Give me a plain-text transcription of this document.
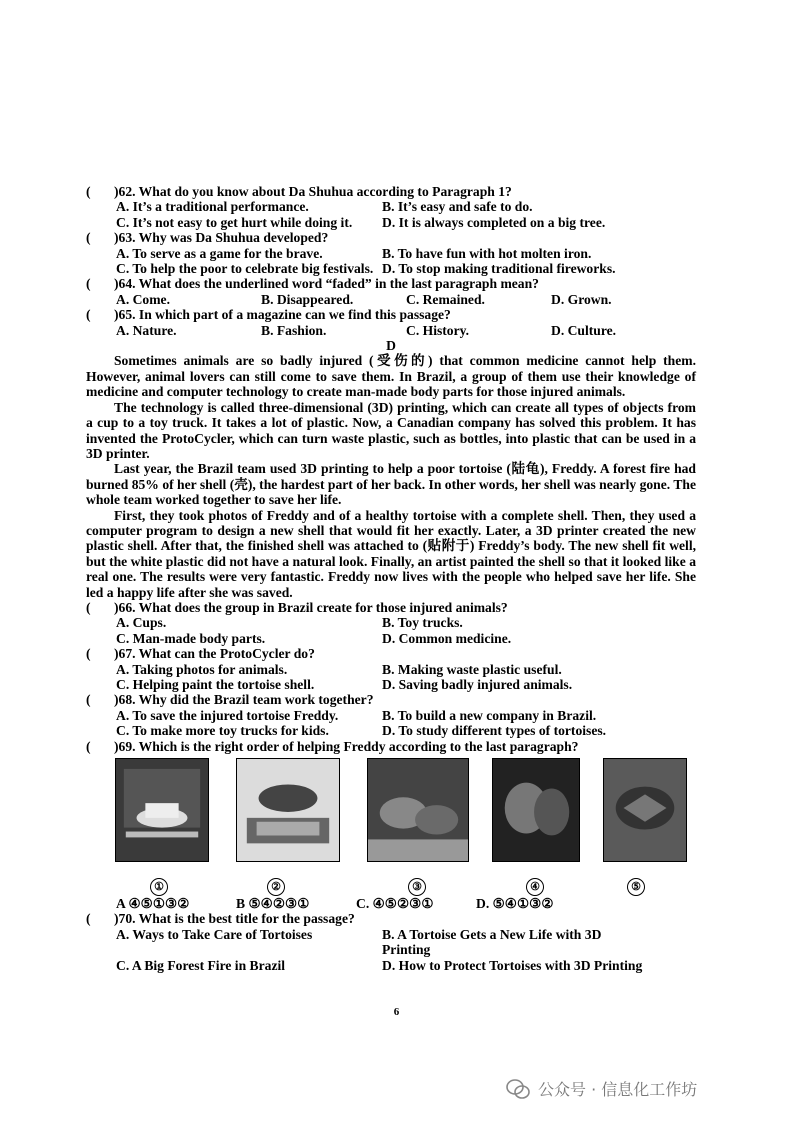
(	)62. What do you know about Da Shuhua according to Paragraph 1?
A. It’s a traditional performance.	B. It’s easy and safe to do.
C. It’s not easy to get hurt while doing it.	D. It is always completed on a big tree.
(	)63. Why was Da Shuhua developed?
A. To serve as a game for the brave.	B. To have fun with hot molten iron.
C. To help the poor to celebrate big festivals. D. To stop making traditional fireworks.
(	)64. What does the underlined word “faded” in the last paragraph mean?
A. Come.	B. Disappeared.	C. Remained.	D. Grown.
(	)65. In which part of a magazine can we find this passage?
A. Nature.	B. Fashion.	C. History.	D. Culture.
D

Sometimes animals are so badly injured (受伤的) that common medicine cannot help them. However, animal lovers can still come to save them. In Brazil, a group of them use their knowledge of medicine and computer technology to create man-made body parts for those injured animals.

The technology is called three-dimensional (3D) printing, which can create all types of objects from a cup to a toy truck. It takes a lot of plastic. Now, a Canadian company has solved this problem. It has invented the ProtoCycler, which can turn waste plastic, such as bottles, into plastic that can be used in a 3D printer.

Last year, the Brazil team used 3D printing to help a poor tortoise (陆龟), Freddy. A forest fire had burned 85% of her shell (壳), the hardest part of her back. In other words, her shell was nearly gone. The whole team worked together to save her life.

First, they took photos of Freddy and of a healthy tortoise with a complete shell. Then, they used a computer program to design a new shell that would fit her exactly. Later, a 3D printer created the new plastic shell. After that, the finished shell was attached to (贴附于) Freddy’s body. The new shell fit well, but the white plastic did not have a natural look. Finally, an artist painted the shell so that it looked like a real one. The results were very fantastic. Freddy now lives with the people who helped save her life. She led a happy life after she was saved.

(	)66. What does the group in Brazil create for those injured animals?
A. Cups.	B. Toy trucks.
C. Man-made body parts.	D. Common medicine.
(	)67. What can the ProtoCycler do?
A. Taking photos for animals.	B. Making waste plastic useful.
C. Helping paint the tortoise shell.	D. Saving badly injured animals.
(	)68. Why did the Brazil team work together?
A. To save the injured tortoise Freddy.	B. To build a new company in Brazil.
C. To make more toy trucks for kids.	D. To study different types of tortoises.
(	)69. Which is the right order of helping Freddy according to the last paragraph?
①	②	③	④	⑤
A ④⑤①③②	B ⑤④②③①	C. ④⑤②③①	D. ⑤④①③②
(	)70. What is the best title for the passage?
A. Ways to Take Care of Tortoises	B. A Tortoise Gets a New Life with 3D Printing
C. A Big Forest Fire in Brazil	D. How to Protect Tortoises with 3D Printing
6
公众号 · 信息化工作坊
